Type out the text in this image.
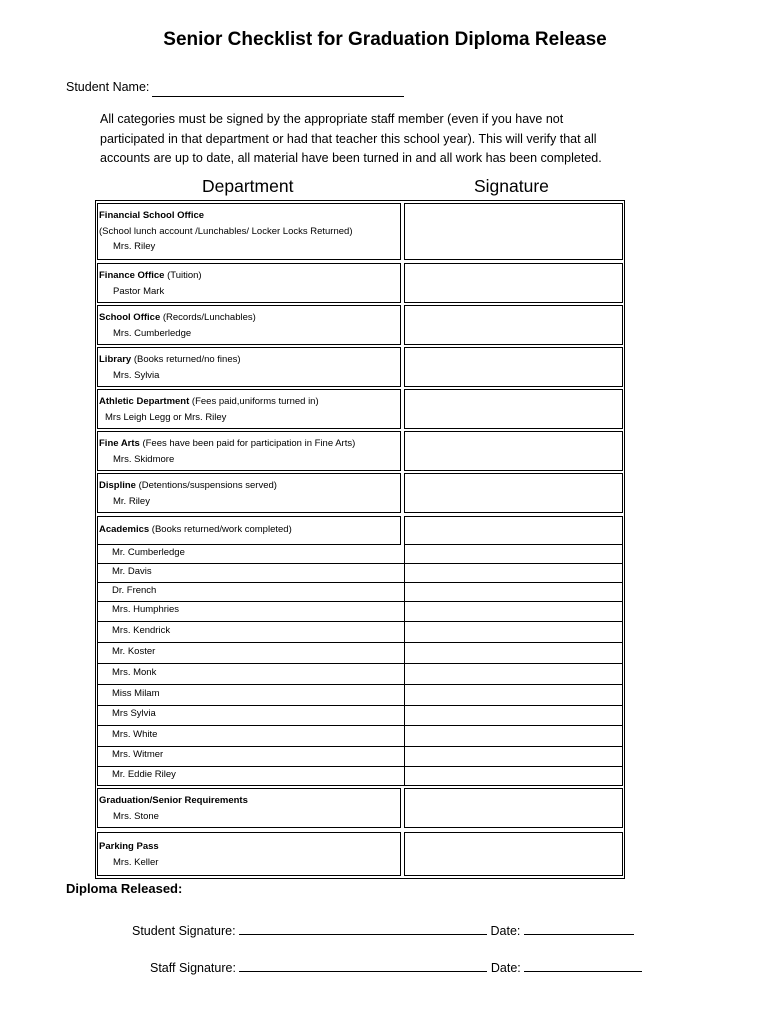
Senior Checklist for Graduation Diploma Release
Student Name:
All categories must be signed by the appropriate staff member (even if you have not
participated in that department or had that teacher this school year). This will verify that all
accounts are up to date, all material have been turned in and all work has been completed.
Department	Signature
Financial School Office
(School lunch account /Lunchables/ Locker Locks Returned)
Mrs. Riley
Finance Office (Tuition)
Pastor Mark
School Office (Records/Lunchables)
Mrs. Cumberledge
Library (Books returned/no fines)
Mrs. Sylvia
Athletic Department (Fees paid,uniforms turned in)
Mrs Leigh Legg or Mrs. Riley
Fine Arts (Fees have been paid for participation in Fine Arts)
Mrs. Skidmore
Displine (Detentions/suspensions served)
Mr. Riley
Academics (Books returned/work completed)
Mr. Cumberledge
Mr. Davis
Dr. French
Mrs. Humphries
Mrs. Kendrick
Mr. Koster
Mrs. Monk
Miss Milam
Mrs Sylvia
Mrs. White
Mrs. Witmer
Mr. Eddie Riley
Graduation/Senior Requirements
Mrs. Stone
Parking Pass
Mrs. Keller
Diploma Released:
Student Signature:	Date:
Staff Signature:	Date:
